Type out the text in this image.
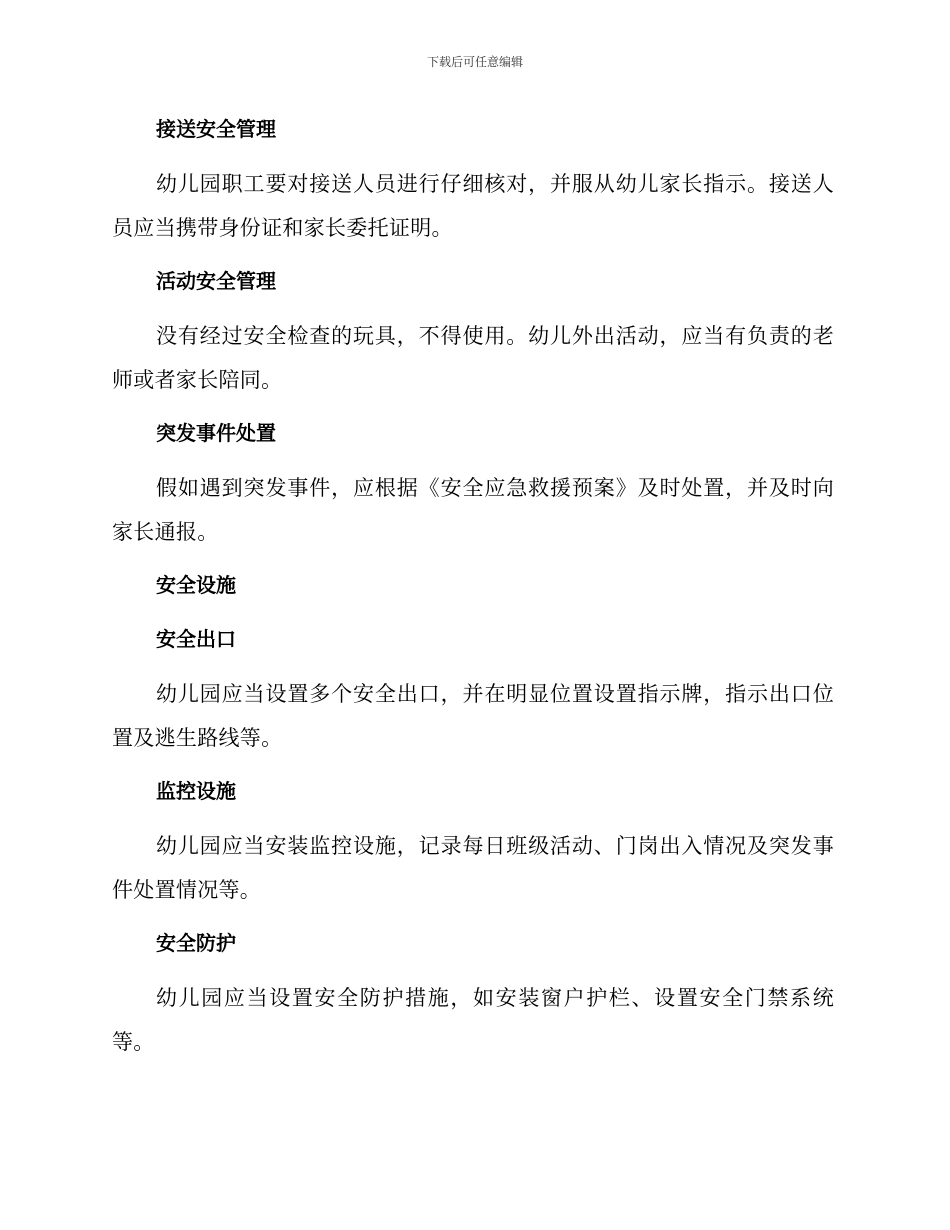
下载后可任意编辑
接送安全管理

幼儿园职工要对接送人员进行仔细核对，并服从幼儿家长指示。接送人员应当携带身份证和家长委托证明。

活动安全管理

没有经过安全检查的玩具，不得使用。幼儿外出活动，应当有负责的老师或者家长陪同。

突发事件处置

假如遇到突发事件，应根据《安全应急救援预案》及时处置，并及时向家长通报。

安全设施
安全出口

幼儿园应当设置多个安全出口，并在明显位置设置指示牌，指示出口位置及逃生路线等。

监控设施

幼儿园应当安装监控设施，记录每日班级活动、门岗出入情况及突发事件处置情况等。

安全防护

幼儿园应当设置安全防护措施，如安装窗户护栏、设置安全门禁系统等。
